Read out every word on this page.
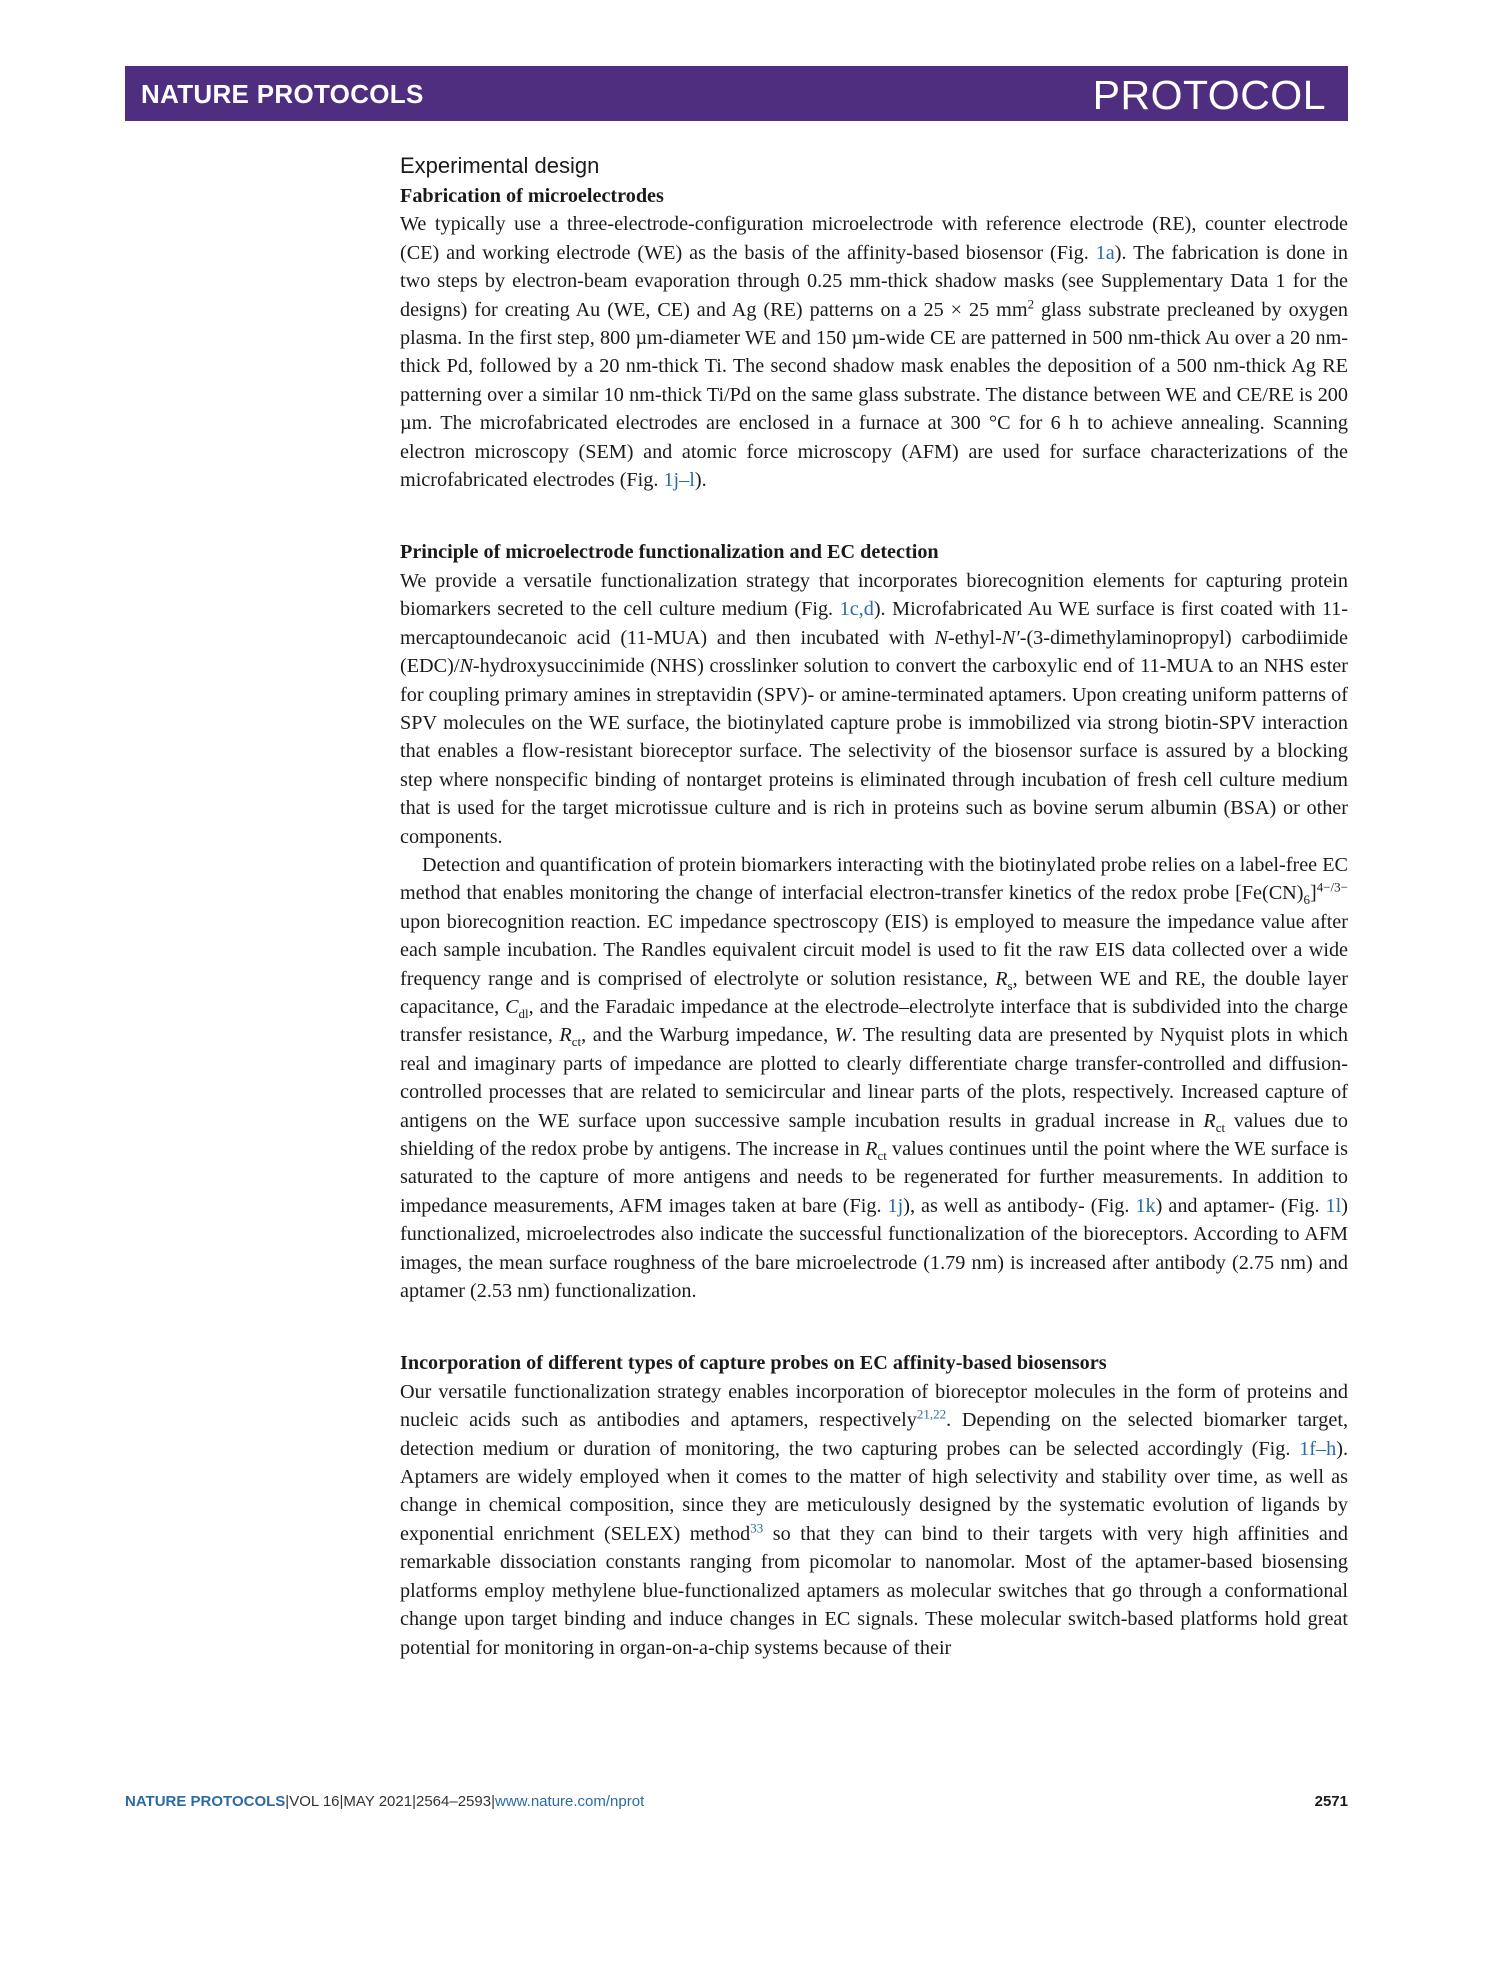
NATURE PROTOCOLS	PROTOCOL
Experimental design
Fabrication of microelectrodes

We typically use a three-electrode-configuration microelectrode with reference electrode (RE), counter electrode (CE) and working electrode (WE) as the basis of the affinity-based biosensor (Fig. 1a). The fabrication is done in two steps by electron-beam evaporation through 0.25 mm-thick shadow masks (see Supplementary Data 1 for the designs) for creating Au (WE, CE) and Ag (RE) patterns on a 25 × 25 $mm^2$ glass substrate precleaned by oxygen plasma. In the first step, 800 µm-diameter WE and 150 µm-wide CE are patterned in 500 nm-thick Au over a 20 nm-thick Pd, followed by a 20 nm-thick Ti. The second shadow mask enables the deposition of a 500 nm-thick Ag RE patterning over a similar 10 nm-thick Ti/Pd on the same glass substrate. The distance between WE and CE/RE is 200 µm. The microfabricated electrodes are enclosed in a furnace at 300 °C for 6 h to achieve annealing. Scanning electron microscopy (SEM) and atomic force microscopy (AFM) are used for surface characterizations of the microfabricated electrodes (Fig. 1j–l).

Principle of microelectrode functionalization and EC detection

We provide a versatile functionalization strategy that incorporates biorecognition elements for capturing protein biomarkers secreted to the cell culture medium (Fig. 1c,d). Microfabricated Au WE surface is first coated with 11-mercaptoundecanoic acid (11-MUA) and then incubated with N-ethyl-N′-(3-dimethylaminopropyl) carbodiimide (EDC)/N-hydroxysuccinimide (NHS) crosslinker solution to convert the carboxylic end of 11-MUA to an NHS ester for coupling primary amines in streptavidin (SPV)- or amine-terminated aptamers. Upon creating uniform patterns of SPV molecules on the WE surface, the biotinylated capture probe is immobilized via strong biotin-SPV interaction that enables a flow-resistant bioreceptor surface. The selectivity of the biosensor surface is assured by a blocking step where nonspecific binding of nontarget proteins is eliminated through incubation of fresh cell culture medium that is used for the target microtissue culture and is rich in proteins such as bovine serum albumin (BSA) or other components.

Detection and quantification of protein biomarkers interacting with the biotinylated probe relies on a label-free EC method that enables monitoring the change of interfacial electron-transfer kinetics of the redox probe $[Fe(CN)_6]^{4-/3-}$ upon biorecognition reaction. EC impedance spectroscopy (EIS) is employed to measure the impedance value after each sample incubation. The Randles equivalent circuit model is used to fit the raw EIS data collected over a wide frequency range and is comprised of electrolyte or solution resistance, $R_s$, between WE and RE, the double layer capacitance, $C_{dl}$, and the Faradaic impedance at the electrode–electrolyte interface that is subdivided into the charge transfer resistance, $R_{ct}$, and the Warburg impedance, W. The resulting data are presented by Nyquist plots in which real and imaginary parts of impedance are plotted to clearly differentiate charge transfer-controlled and diffusion-controlled processes that are related to semicircular and linear parts of the plots, respectively. Increased capture of antigens on the WE surface upon successive sample incubation results in gradual increase in $R_{ct}$ values due to shielding of the redox probe by antigens. The increase in $R_{ct}$ values continues until the point where the WE surface is saturated to the capture of more antigens and needs to be regenerated for further measurements. In addition to impedance measurements, AFM images taken at bare (Fig. 1j), as well as antibody- (Fig. 1k) and aptamer- (Fig. 1l) functionalized, microelectrodes also indicate the successful functionalization of the bioreceptors. According to AFM images, the mean surface roughness of the bare microelectrode (1.79 nm) is increased after antibody (2.75 nm) and aptamer (2.53 nm) functionalization.

Incorporation of different types of capture probes on EC affinity-based biosensors

Our versatile functionalization strategy enables incorporation of bioreceptor molecules in the form of proteins and nucleic acids such as antibodies and aptamers, respectively$^{21,22}$. Depending on the selected biomarker target, detection medium or duration of monitoring, the two capturing probes can be selected accordingly (Fig. 1f–h). Aptamers are widely employed when it comes to the matter of high selectivity and stability over time, as well as change in chemical composition, since they are meticulously designed by the systematic evolution of ligands by exponential enrichment (SELEX) method$^{33}$ so that they can bind to their targets with very high affinities and remarkable dissociation constants ranging from picomolar to nanomolar. Most of the aptamer-based biosensing platforms employ methylene blue-functionalized aptamers as molecular switches that go through a conformational change upon target binding and induce changes in EC signals. These molecular switch-based platforms hold great potential for monitoring in organ-on-a-chip systems because of their

NATURE PROTOCOLS|VOL 16|MAY 2021|2564–2593|www.nature.com/nprot	2571
